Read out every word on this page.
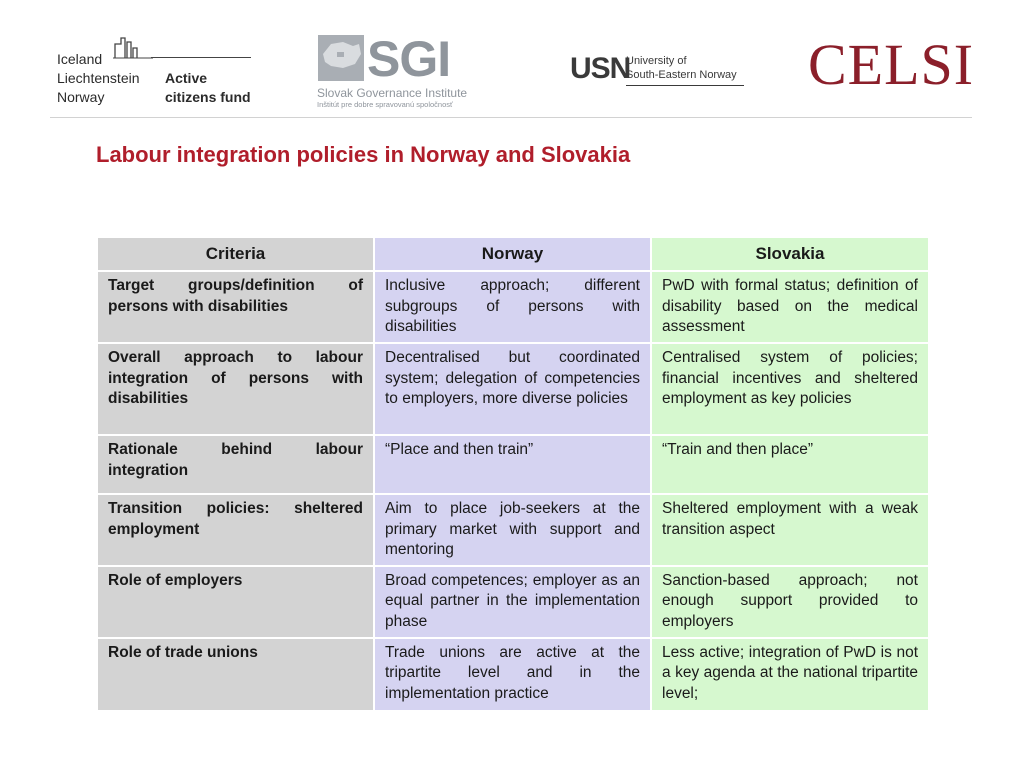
Iceland
Liechtenstein
Norway
Active
citizens fund
SGI
Slovak Governance Institute
Inštitút pre dobre spravovanú spoločnosť
USN
University of
South-Eastern Norway CELSI
Labour integration policies in Norway and Slovakia
Criteria	Norway	Slovakia
Target groups/definition of persons with disabilities	Inclusive approach; different subgroups of persons with disabilities	PwD with formal status; definition of disability based on the medical assessment
Overall approach to labour integration of persons with disabilities	Decentralised but coordinated system; delegation of competencies to employers, more diverse policies	Centralised system of policies; financial incentives and sheltered employment as key policies
Rationale behind labour integration	“Place and then train”	“Train and then place”
Transition policies: sheltered employment	Aim to place job-seekers at the primary market with support and mentoring	Sheltered employment with a weak transition aspect
Role of employers	Broad competences; employer as an equal partner in the implementation phase	Sanction-based approach; not enough support provided to employers
Role of trade unions	Trade unions are active at the tripartite level and in the implementation practice	Less active; integration of PwD is not a key agenda at the national tripartite level;
